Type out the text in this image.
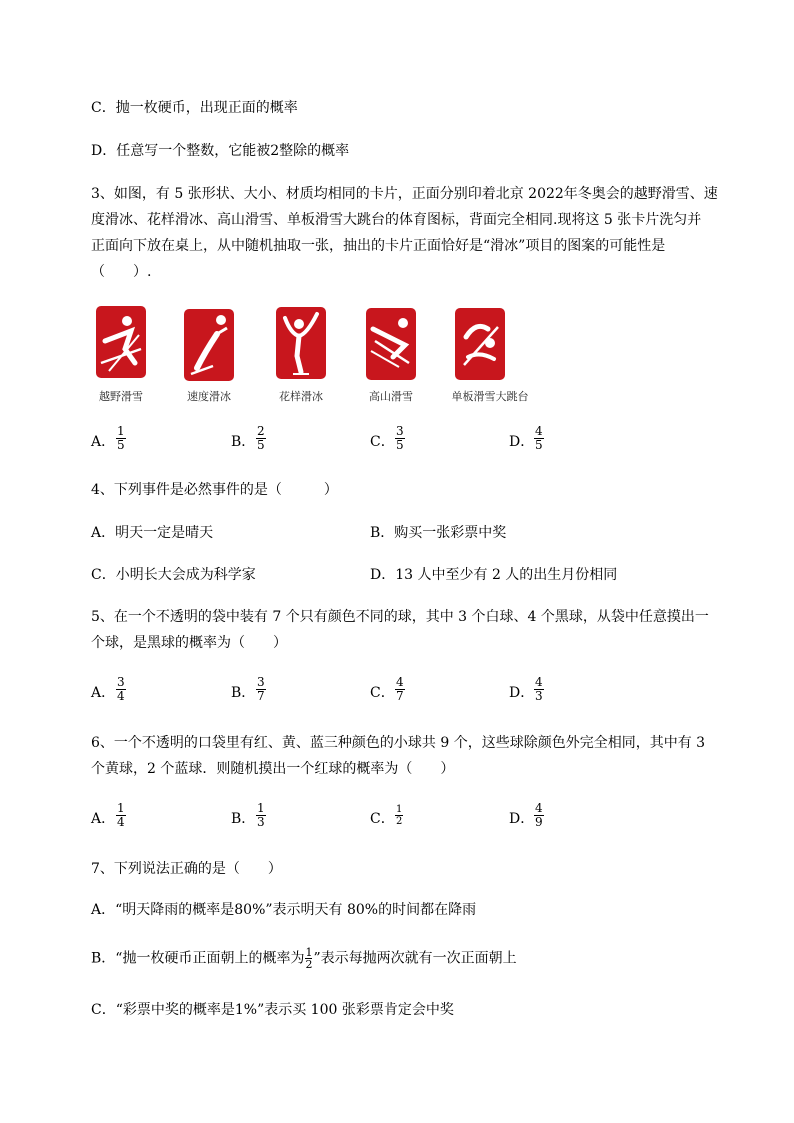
C．抛一枚硬币，出现正面的概率
D．任意写一个整数，它能被2整除的概率
3、如图，有 5 张形状、大小、材质均相同的卡片，正面分别印着北京 2022年冬奥会的越野滑雪、速
度滑冰、花样滑冰、高山滑雪、单板滑雪大跳台的体育图标，背面完全相同.现将这 5 张卡片洗匀并
正面向下放在桌上，从中随机抽取一张，抽出的卡片正面恰好是“滑冰”项目的图案的可能性是
（　　）.
越野滑雪	速度滑冰	花样滑冰	高山滑雪	单板滑雪大跳台
A． $\frac{1}{5}$	B． $\frac{2}{5}$	C． $\frac{3}{5}$	D． $\frac{4}{5}$
4、下列事件是必然事件的是（　　　）
A．明天一定是晴天	B．购买一张彩票中奖
C．小明长大会成为科学家	D．13 人中至少有 2 人的出生月份相同
5、在一个不透明的袋中装有 7 个只有颜色不同的球，其中 3 个白球、4 个黑球，从袋中任意摸出一
个球，是黑球的概率为（　　）
A． $\frac{3}{4}$	B． $\frac{3}{7}$	C． $\frac{4}{7}$	D． $\frac{4}{3}$
6、一个不透明的口袋里有红、黄、蓝三种颜色的小球共 9 个，这些球除颜色外完全相同，其中有 3
个黄球，2 个蓝球．则随机摸出一个红球的概率为（　　）
A． $\frac{1}{4}$	B． $\frac{1}{3}$	C． $\frac{1}{2}$	D． $\frac{4}{9}$
7、下列说法正确的是（　　）
A．“明天降雨的概率是80%”表示明天有 80%的时间都在降雨
B．“抛一枚硬币正面朝上的概率为 $\frac{1}{2}$ ”表示每抛两次就有一次正面朝上
C．“彩票中奖的概率是1%”表示买 100 张彩票肯定会中奖
